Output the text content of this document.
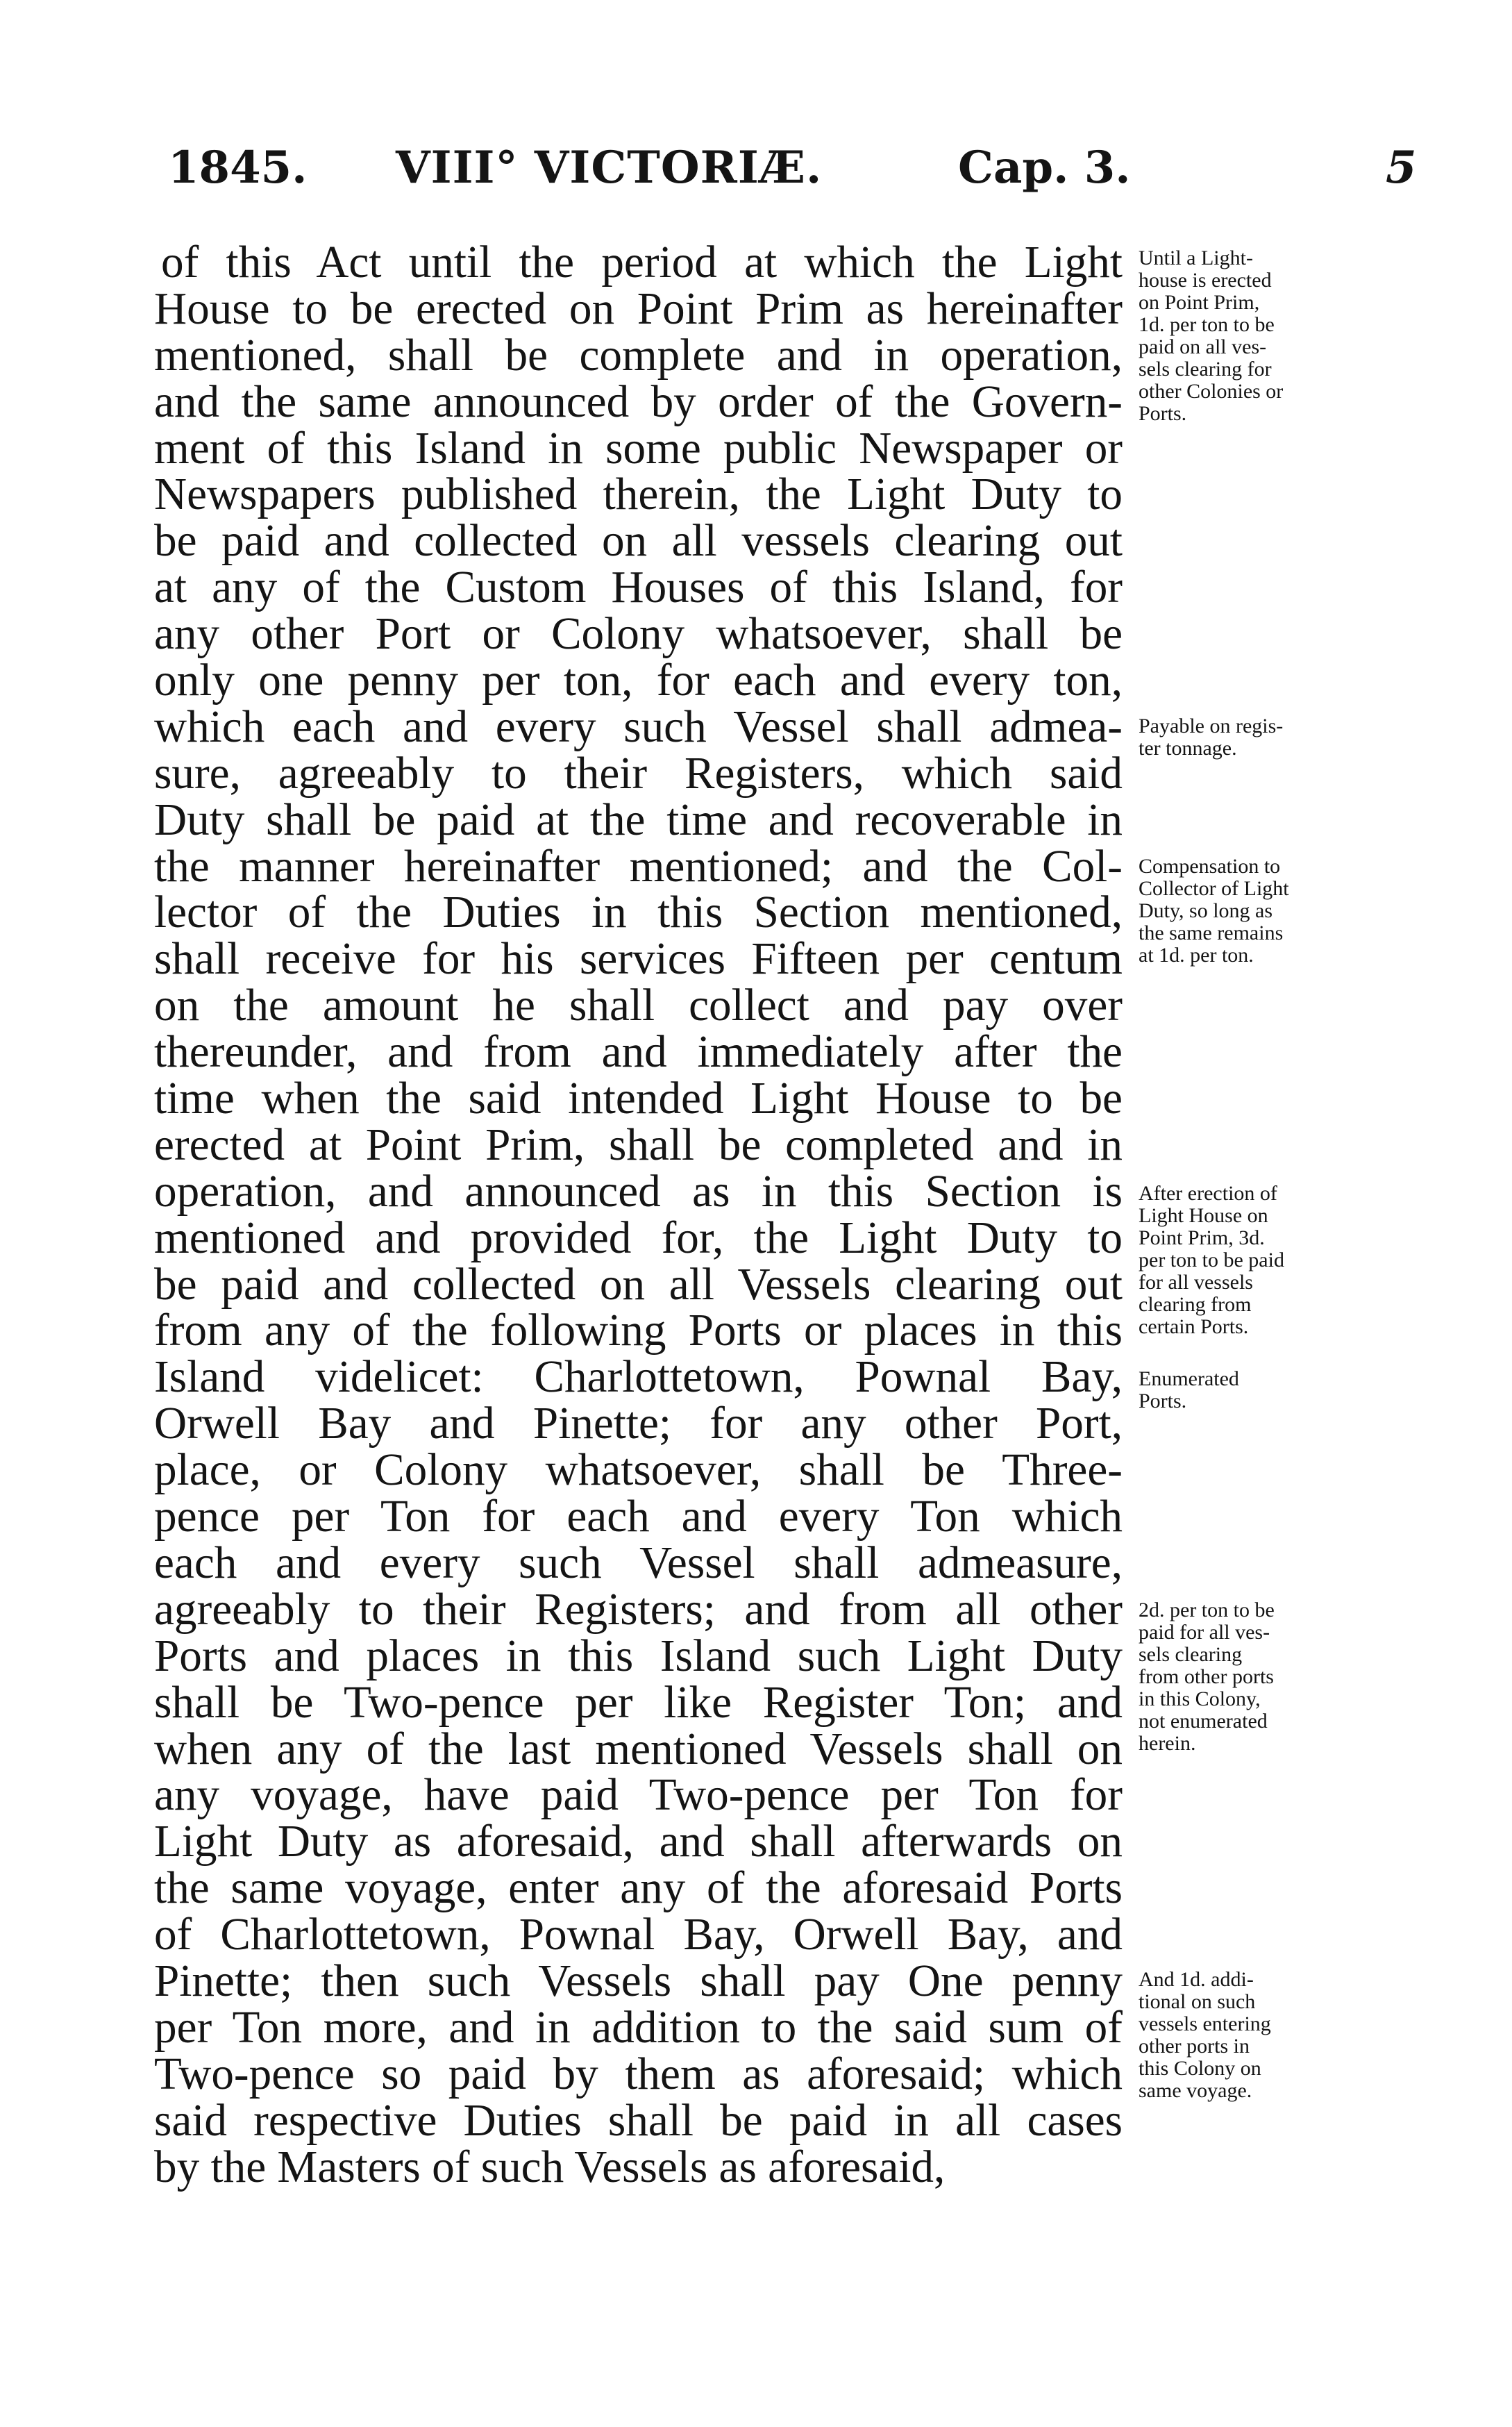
1845. VIII° VICTORIÆ.	Cap. 3.	5
of this Act until the period at which the Light
House to be erected on Point Prim as hereinafter
mentioned, shall be complete and in operation,
and the same announced by order of the Govern-
ment of this Island in some public Newspaper or
Newspapers published therein, the Light Duty to
be paid and collected on all vessels clearing out
at any of the Custom Houses of this Island, for
any other Port or Colony whatsoever, shall be
only one penny per ton, for each and every ton,
which each and every such Vessel shall admea-
sure, agreeably to their Registers, which said
Duty shall be paid at the time and recoverable in
the manner hereinafter mentioned; and the Col-
lector of the Duties in this Section mentioned,
shall receive for his services Fifteen per centum
on the amount he shall collect and pay over
thereunder, and from and immediately after the
time when the said intended Light House to be
erected at Point Prim, shall be completed and in
operation, and announced as in this Section is
mentioned and provided for, the Light Duty to
be paid and collected on all Vessels clearing out
from any of the following Ports or places in this
Island videlicet: Charlottetown, Pownal Bay,
Orwell Bay and Pinette; for any other Port,
place, or Colony whatsoever, shall be Three-
pence per Ton for each and every Ton which
each and every such Vessel shall admeasure,
agreeably to their Registers; and from all other
Ports and places in this Island such Light Duty
shall be Two-pence per like Register Ton; and
when any of the last mentioned Vessels shall on
any voyage, have paid Two-pence per Ton for
Light Duty as aforesaid, and shall afterwards on
the same voyage, enter any of the aforesaid Ports
of Charlottetown, Pownal Bay, Orwell Bay, and
Pinette; then such Vessels shall pay One penny
per Ton more, and in addition to the said sum of
Two-pence so paid by them as aforesaid; which
said respective Duties shall be paid in all cases
by the Masters of such Vessels as aforesaid,
Until a Light-
house is erected
on Point Prim,
1d. per ton to be
paid on all ves-
sels clearing for
other Colonies or
Ports.
Payable on regis-
ter tonnage.
Compensation to
Collector of Light
Duty, so long as
the same remains
at 1d. per ton.
After erection of
Light House on
Point Prim, 3d.
per ton to be paid
for all vessels
clearing from
certain Ports.
Enumerated
Ports.
2d. per ton to be
paid for all ves-
sels clearing
from other ports
in this Colony,
not enumerated
herein.
And 1d. addi-
tional on such
vessels entering
other ports in
this Colony on
same voyage.
